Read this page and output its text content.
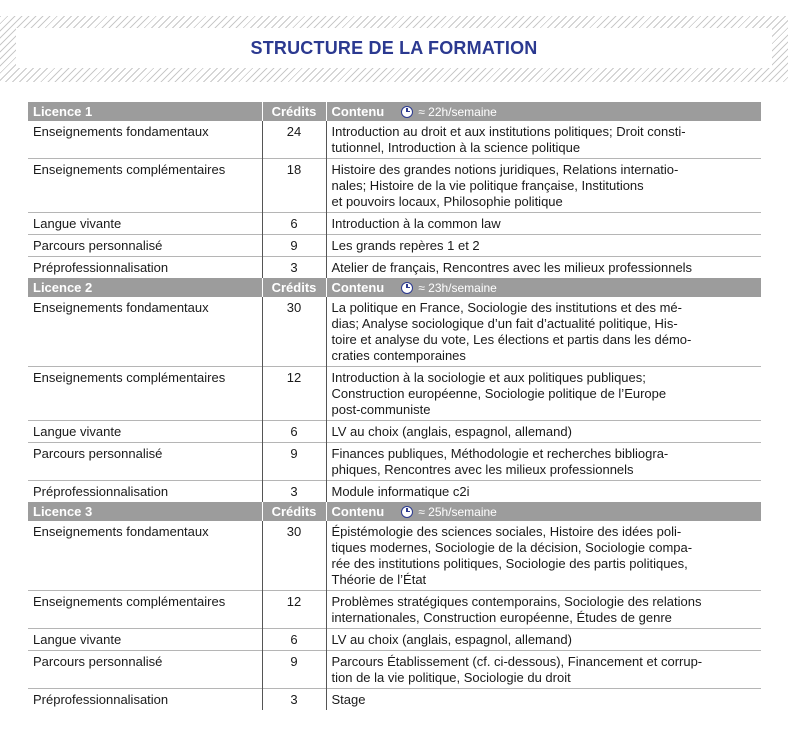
STRUCTURE DE LA FORMATION
Licence 1	Crédits	Contenu ≈ 22h/semaine
Enseignements fondamentaux	24	Introduction au droit et aux institutions politiques; Droit consti-
tutionnel, Introduction à la science politique

Enseignements complémentaires	18	Histoire des grandes notions juridiques, Relations internatio-
nales; Histoire de la vie politique française, Institutions
et pouvoirs locaux, Philosophie politique

Langue vivante	6	Introduction à la common law

Parcours personnalisé	9	Les grands repères 1 et 2

Préprofessionnalisation	3	Atelier de français, Rencontres avec les milieux professionnels

Licence 2	Crédits	Contenu ≈ 23h/semaine
Enseignements fondamentaux	30	La politique en France, Sociologie des institutions et des mé-
dias; Analyse sociologique d’un fait d’actualité politique, His-
toire et analyse du vote, Les élections et partis dans les démo-
craties contemporaines

Enseignements complémentaires	12	Introduction à la sociologie et aux politiques publiques;
Construction européenne, Sociologie politique de l’Europe
post-communiste

Langue vivante	6	LV au choix (anglais, espagnol, allemand)

Parcours personnalisé	9	Finances publiques, Méthodologie et recherches bibliogra-
phiques, Rencontres avec les milieux professionnels

Préprofessionnalisation	3	Module informatique c2i

Licence 3	Crédits	Contenu ≈ 25h/semaine
Enseignements fondamentaux	30	Épistémologie des sciences sociales, Histoire des idées poli-
tiques modernes, Sociologie de la décision, Sociologie compa-
rée des institutions politiques, Sociologie des partis politiques,
Théorie de l’État

Enseignements complémentaires	12	Problèmes stratégiques contemporains, Sociologie des relations
internationales, Construction européenne, Études de genre

Langue vivante	6	LV au choix (anglais, espagnol, allemand)

Parcours personnalisé	9	Parcours Établissement (cf. ci-dessous), Financement et corrup-
tion de la vie politique, Sociologie du droit

Préprofessionnalisation	3	Stage
